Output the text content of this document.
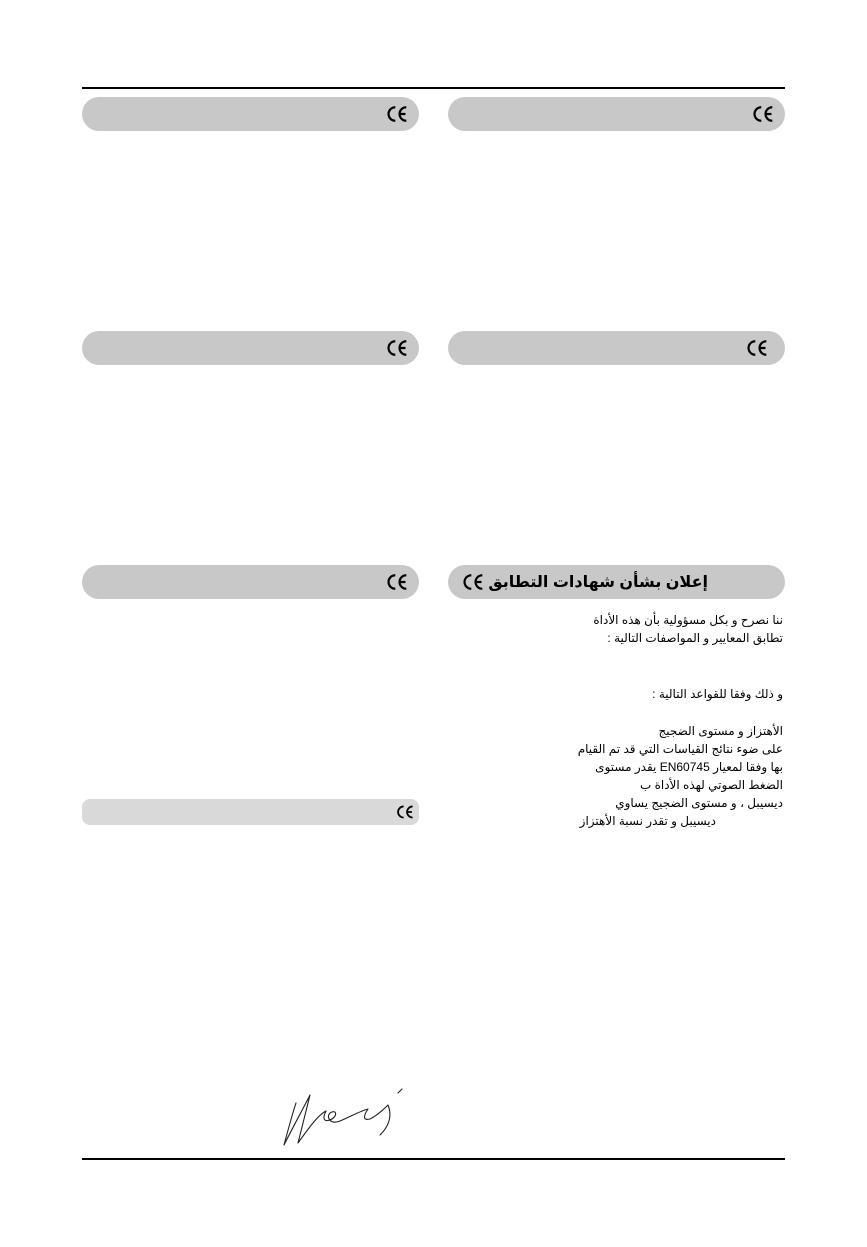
إعلان بشأن شهادات التطابق
ننا نصرح و بكل مسؤولية بأن هذه الأداة
تطابق المعايير و المواصفات التالية :
و ذلك وفقا للقواعد التالية :
الأهتزاز و مستوى الضجيج
على ضوء نتائج القياسات التي قد تم القيام
بها وفقا لمعيار EN60745 يقدر مستوى
الضغط الصوتي لهذه الأداة ب
ديسيبل ، و مستوى الضجيج يساوي
ديسيبل و تقدر نسبة الأهتزاز
